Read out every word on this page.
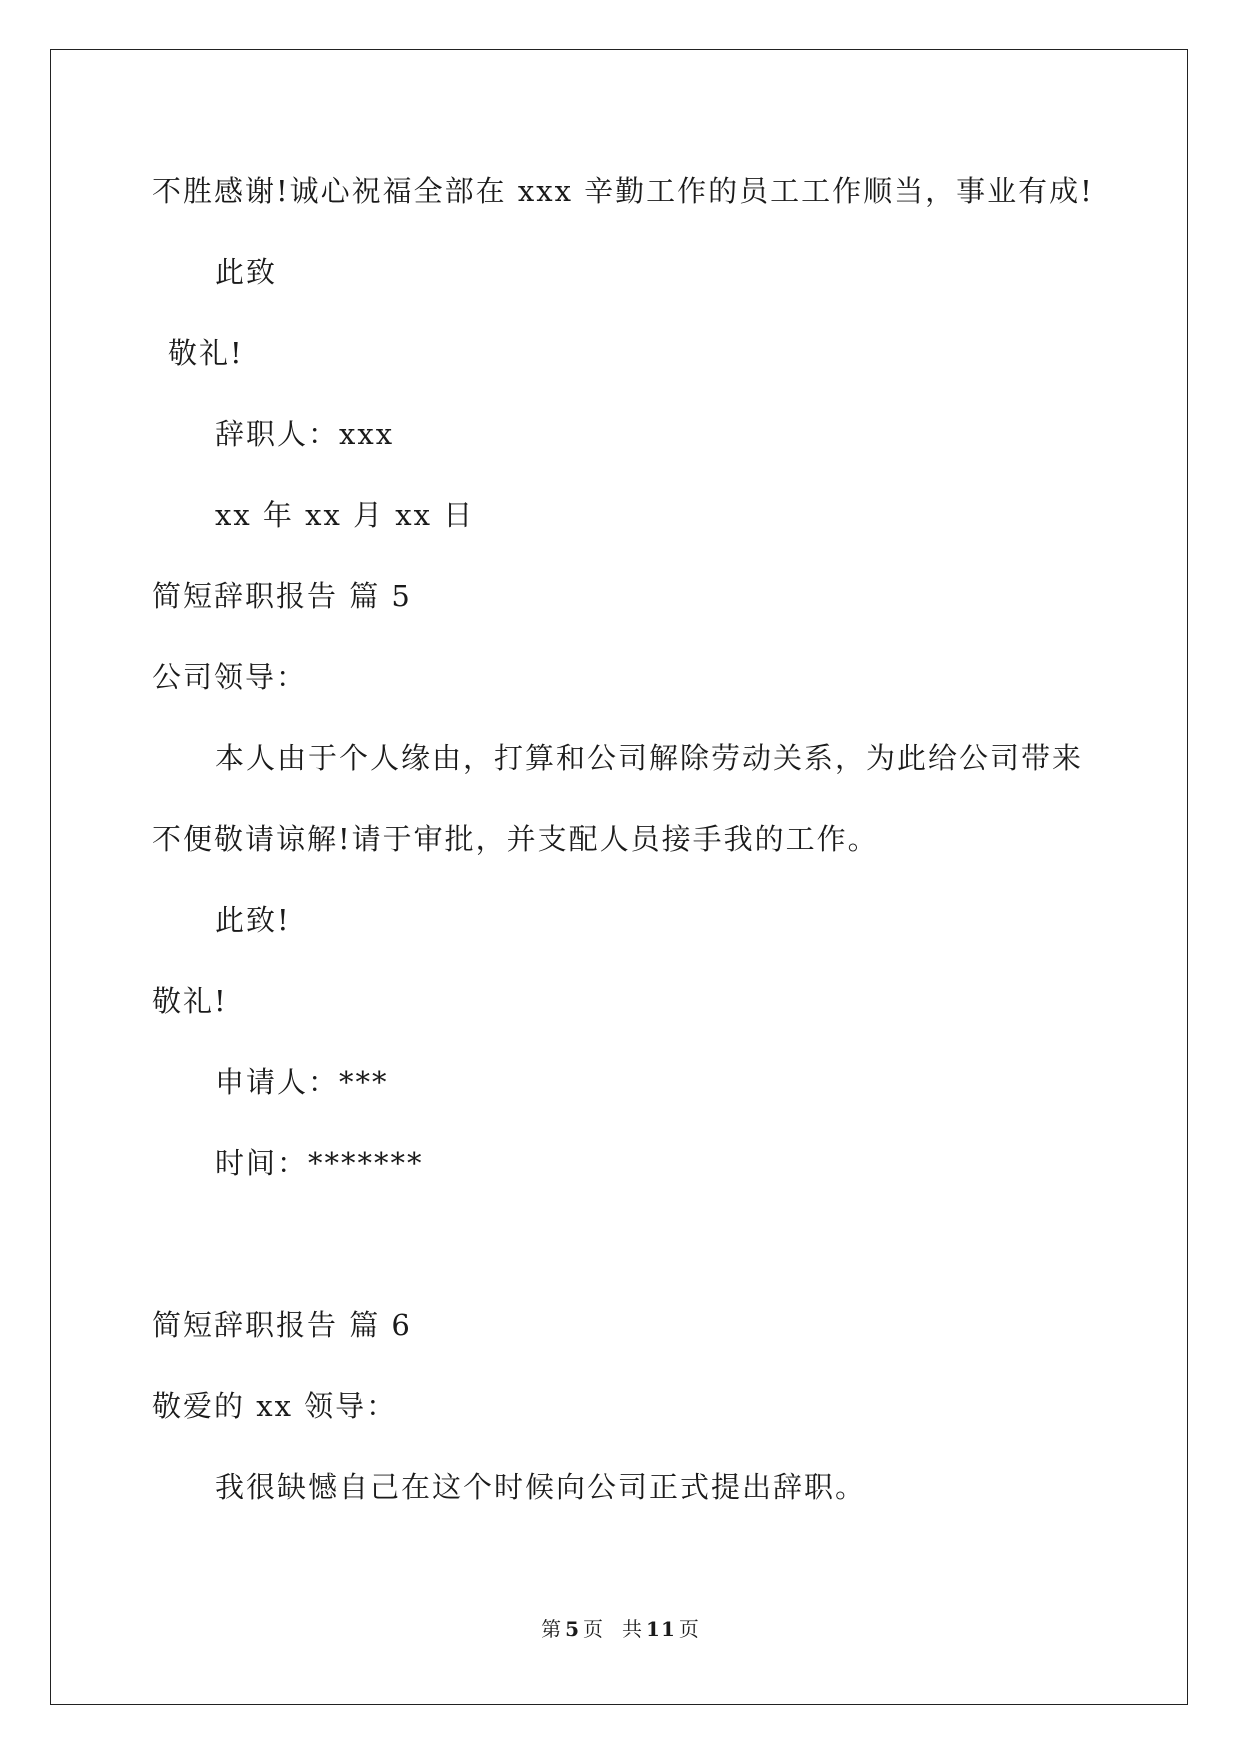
不胜感谢!诚心祝福全部在 xxx 辛勤工作的员工工作顺当，事业有成!
此致
敬礼!
辞职人：xxx
xx 年 xx 月 xx 日
简短辞职报告 篇 5
公司领导：
本人由于个人缘由，打算和公司解除劳动关系，为此给公司带来
不便敬请谅解!请于审批，并支配人员接手我的工作。
此致!
敬礼!
申请人：***
时间：*******
简短辞职报告 篇 6
敬爱的 xx 领导：
我很缺憾自己在这个时候向公司正式提出辞职。
第 5 页 共 11 页
